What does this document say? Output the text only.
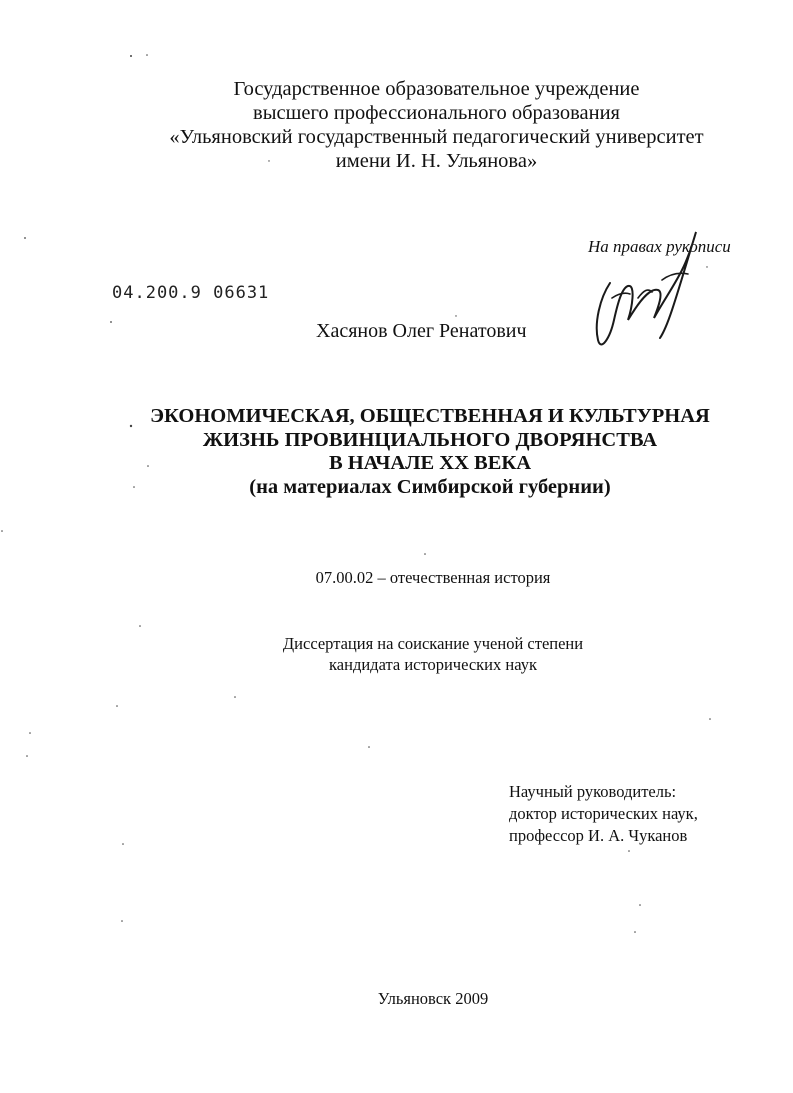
Государственное образовательное учреждение
высшего профессионального образования
«Ульяновский государственный педагогический университет
имени И. Н. Ульянова»
На правах рукописи
04.200.9 06631
Хасянов Олег Ренатович
ЭКОНОМИЧЕСКАЯ, ОБЩЕСТВЕННАЯ И КУЛЬТУРНАЯ
ЖИЗНЬ ПРОВИНЦИАЛЬНОГО ДВОРЯНСТВА
В НАЧАЛЕ ХХ ВЕКА
(на материалах Симбирской губернии)
07.00.02 – отечественная история
Диссертация на соискание ученой степени
кандидата исторических наук
Научный руководитель:
доктор исторических наук,
профессор И. А. Чуканов
Ульяновск 2009
